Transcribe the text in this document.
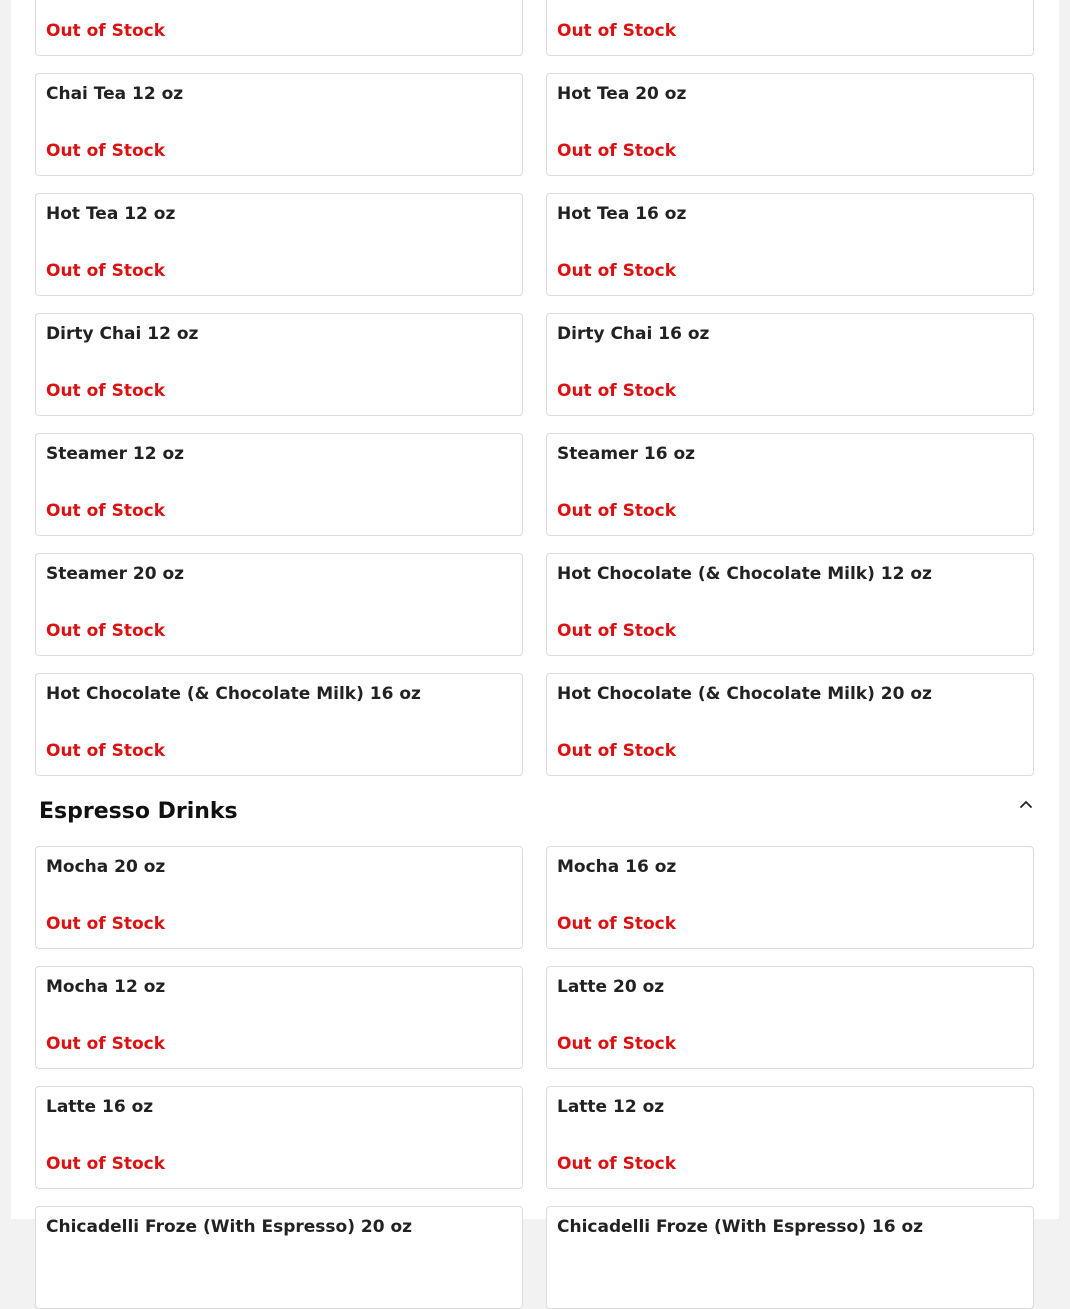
Out of Stock	Out of Stock
Chai Tea 12 oz
Out of Stock
Hot Tea 20 oz
Out of Stock
Hot Tea 12 oz
Out of Stock
Hot Tea 16 oz
Out of Stock
Dirty Chai 12 oz
Out of Stock
Dirty Chai 16 oz
Out of Stock
Steamer 12 oz
Out of Stock
Steamer 16 oz
Out of Stock
Steamer 20 oz
Out of Stock
Hot Chocolate (& Chocolate Milk) 12 oz
Out of Stock
Hot Chocolate (& Chocolate Milk) 16 oz
Out of Stock
Hot Chocolate (& Chocolate Milk) 20 oz
Out of Stock
Espresso Drinks
Mocha 20 oz
Out of Stock
Mocha 16 oz
Out of Stock
Mocha 12 oz
Out of Stock
Latte 20 oz
Out of Stock
Latte 16 oz
Out of Stock
Latte 12 oz
Out of Stock
Chicadelli Froze (With Espresso) 20 oz	Chicadelli Froze (With Espresso) 16 oz
